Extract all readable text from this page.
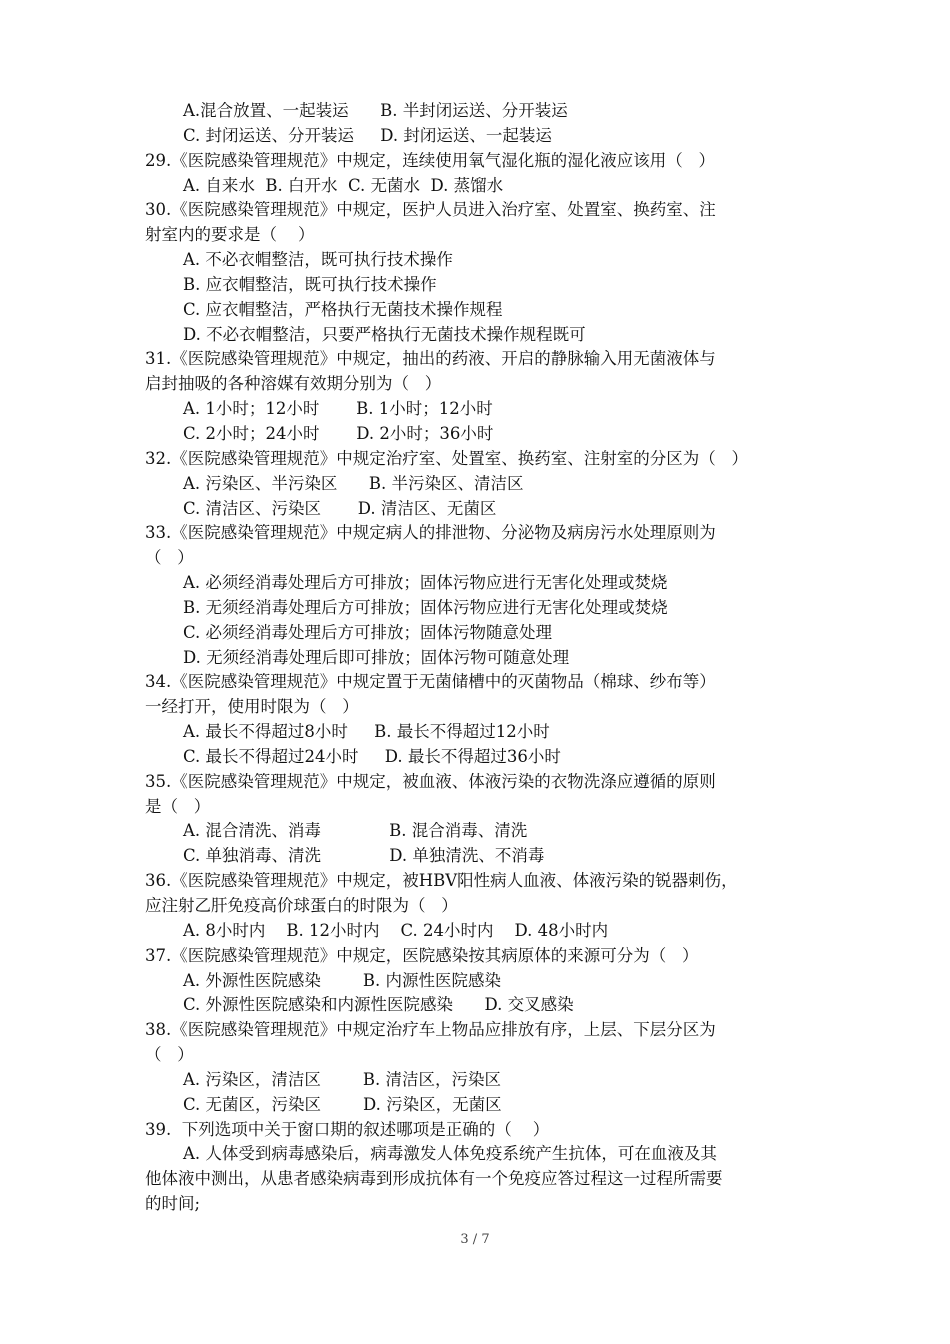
A.混合放置、一起装运      B. 半封闭运送、分开装运
C. 封闭运送、分开装运     D. 封闭运送、一起装运
29.《医院感染管理规范》中规定，连续使用氧气湿化瓶的湿化液应该用（   ）
A. 自来水  B. 白开水  C. 无菌水  D. 蒸馏水
30.《医院感染管理规范》中规定，医护人员进入治疗室、处置室、换药室、注
射室内的要求是（    ）
A. 不必衣帽整洁，既可执行技术操作
B. 应衣帽整洁，既可执行技术操作
C. 应衣帽整洁，严格执行无菌技术操作规程
D. 不必衣帽整洁，只要严格执行无菌技术操作规程既可
31.《医院感染管理规范》中规定，抽出的药液、开启的静脉输入用无菌液体与
启封抽吸的各种溶媒有效期分别为（   ）
A. 1小时；12小时       B. 1小时；12小时
C. 2小时；24小时       D. 2小时；36小时
32.《医院感染管理规范》中规定治疗室、处置室、换药室、注射室的分区为（   ）
A. 污染区、半污染区      B. 半污染区、清洁区
C. 清洁区、污染区       D. 清洁区、无菌区
33.《医院感染管理规范》中规定病人的排泄物、分泌物及病房污水处理原则为
（   ）
A. 必须经消毒处理后方可排放；固体污物应进行无害化处理或焚烧
B. 无须经消毒处理后方可排放；固体污物应进行无害化处理或焚烧
C. 必须经消毒处理后方可排放；固体污物随意处理
D. 无须经消毒处理后即可排放；固体污物可随意处理
34.《医院感染管理规范》中规定置于无菌储槽中的灭菌物品（棉球、纱布等）
一经打开，使用时限为（   ）
A. 最长不得超过8小时     B. 最长不得超过12小时
C. 最长不得超过24小时     D. 最长不得超过36小时
35.《医院感染管理规范》中规定，被血液、体液污染的衣物洗涤应遵循的原则
是（   ）
A. 混合清洗、消毒             B. 混合消毒、清洗
C. 单独消毒、清洗             D. 单独清洗、不消毒
36.《医院感染管理规范》中规定，被HBV阳性病人血液、体液污染的锐器刺伤，
应注射乙肝免疫高价球蛋白的时限为（   ）
A. 8小时内    B. 12小时内    C. 24小时内    D. 48小时内
37.《医院感染管理规范》中规定，医院感染按其病原体的来源可分为（   ）
A. 外源性医院感染        B. 内源性医院感染
C. 外源性医院感染和内源性医院感染      D. 交叉感染
38.《医院感染管理规范》中规定治疗车上物品应排放有序，上层、下层分区为
（   ）
A. 污染区，清洁区        B. 清洁区，污染区
C. 无菌区，污染区        D. 污染区，无菌区
39.  下列选项中关于窗口期的叙述哪项是正确的（    ）
A. 人体受到病毒感染后，病毒激发人体免疫系统产生抗体，可在血液及其
他体液中测出，从患者感染病毒到形成抗体有一个免疫应答过程这一过程所需要
的时间;
3 / 7
